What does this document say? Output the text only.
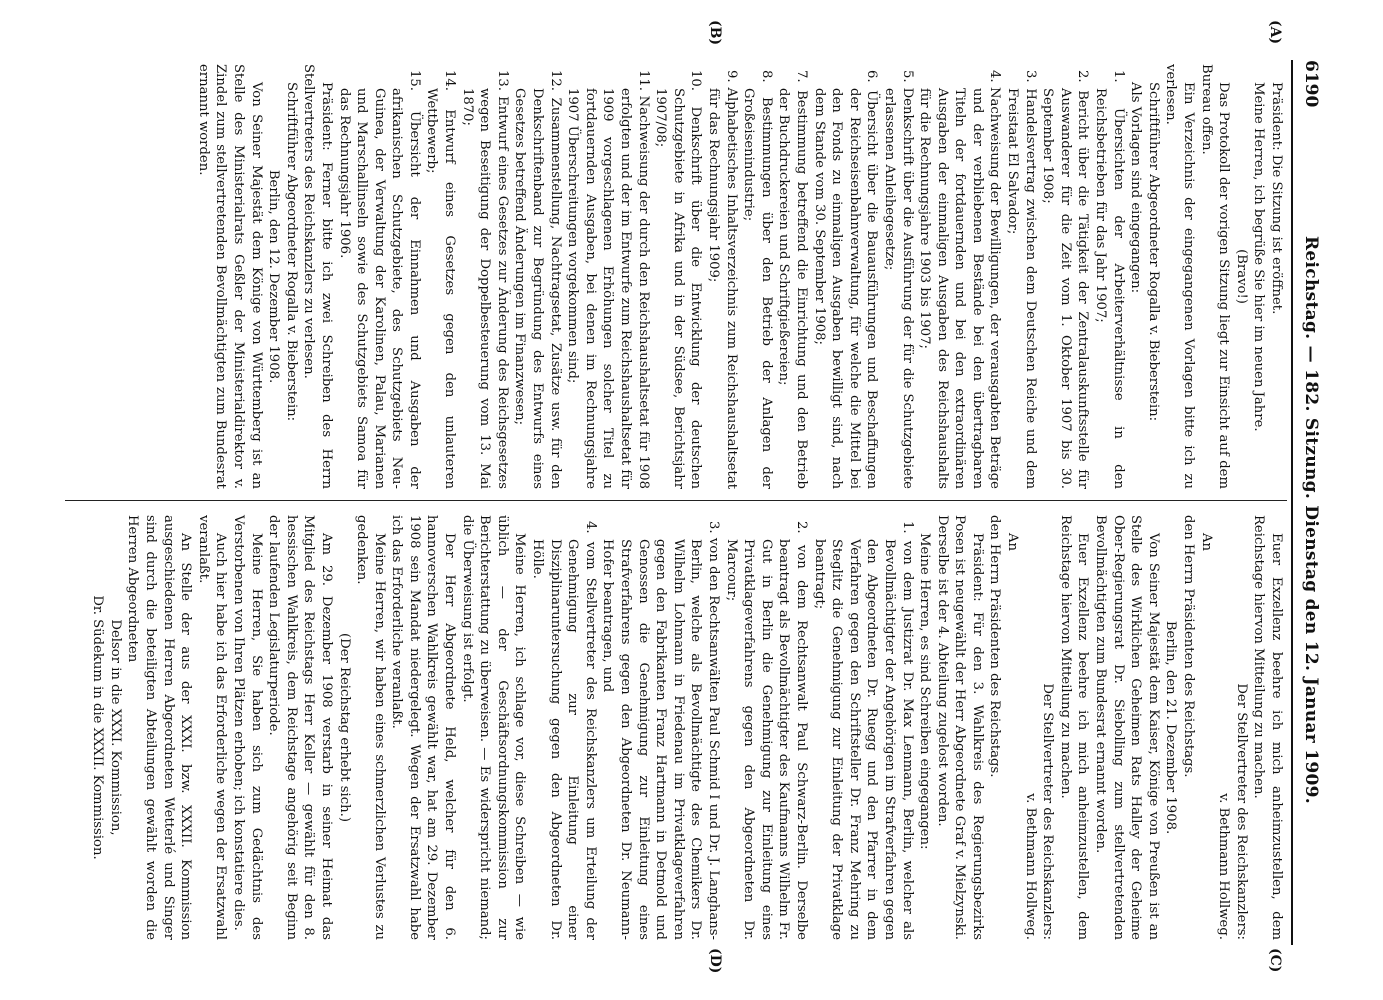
6190
Reichstag. — 182. Sitzung. Dienstag den 12. Januar 1909.
(A)
(B)
(C)
(D)

Präsident: Die Sitzung ist eröffnet.

Meine Herren, ich begrüße Sie hier im neuen Jahre.

(Bravo!)

Das Protokoll der vorigen Sitzung liegt zur Einsicht auf dem Bureau offen.

Ein Verzeichnis der eingegangenen Vorlagen bitte ich zu verlesen.

Schriftführer Abgeordneter Rogalla v. Bieberstein:

Als Vorlagen sind eingegangen:

1. Übersichten der Arbeiterverhältnisse in den Reichsbetrieben für das Jahr 1907;

2. Bericht über die Tätigkeit der Zentralauskunftsstelle für Auswanderer für die Zeit vom 1. Oktober 1907 bis 30. September 1908;

3. Handelsvertrag zwischen dem Deutschen Reiche und dem Freistaat El Salvador;

4. Nachweisung der Bewilligungen, der verausgabten Beträge und der verbliebenen Bestände bei den übertragbaren Titeln der fortdauernden und bei den extraordinären Ausgaben der einmaligen Ausgaben des Reichshaushalts für die Rechnungsjahre 1903 bis 1907;

5. Denkschrift über die Ausführung der für die Schutzgebiete erlassenen Anleihegesetze;

6. Übersicht über die Bauausführungen und Beschaffungen der Reichseisenbahnverwaltung, für welche die Mittel bei den Fonds zu einmaligen Ausgaben bewilligt sind, nach dem Stande vom 30. September 1908;

7. Bestimmung betreffend die Einrichtung und den Betrieb der Buchdruckereien und Schriftgießereien;

8. Bestimmungen über den Betrieb der Anlagen der Großeisenindustrie;

9. Alphabetisches Inhaltsverzeichnis zum Reichshaushaltsetat für das Rechnungsjahr 1909;

10. Denkschrift über die Entwicklung der deutschen Schutzgebiete in Afrika und in der Südsee, Berichtsjahr 1907/08;

11. Nachweisung der durch den Reichshaushaltsetat für 1908 erfolgten und der im Entwurfe zum Reichshaushaltsetat für 1909 vorgeschlagenen Erhöhungen solcher Titel zu fortdauernden Ausgaben, bei denen im Rechnungsjahre 1907 Überschreitungen vorgekommen sind;

12. Zusammenstellung, Nachtragsetat, Zusätze usw. für den Denkschriftenband zur Begründung des Entwurfs eines Gesetzes betreffend Änderungen im Finanzwesen;

13. Entwurf eines Gesetzes zur Änderung des Reichsgesetzes wegen Beseitigung der Doppelbesteuerung vom 13. Mai 1870;

14. Entwurf eines Gesetzes gegen den unlauteren Wettbewerb;

15. Übersicht der Einnahmen und Ausgaben der afrikanischen Schutzgebiete, des Schutzgebiets Neu-Guinea, der Verwaltung der Karolinen, Palau, Marianen und Marschallinseln sowie des Schutzgebiets Samoa für das Rechnungsjahr 1906.

Präsident: Ferner bitte ich zwei Schreiben des Herrn Stellvertreters des Reichskanzlers zu verlesen.

Schriftführer Abgeordneter Rogalla v. Bieberstein:

Berlin, den 12. Dezember 1908.

Von Seiner Majestät dem Könige von Württemberg ist an Stelle des Ministerialrats Geßler der Ministerialdirektor v. Zindel zum stellvertretenden Bevollmächtigten zum Bundesrat ernannt worden.

Euer Exzellenz beehre ich mich anheimzustellen, dem Reichstage hiervon Mitteilung zu machen.

Der Stellvertreter des Reichskanzlers:

v. Bethmann Hollweg.

An

den Herrn Präsidenten des Reichstags.

Berlin, den 21. Dezember 1908.

Von Seiner Majestät dem Kaiser, Könige von Preußen ist an Stelle des Wirklichen Geheimen Rats Halley der Geheime Ober-Regierungsrat Dr. Siebolling zum stellvertretenden Bevollmächtigten zum Bundesrat ernannt worden.

Euer Exzellenz beehre ich mich anheimzustellen, dem Reichstage hiervon Mitteilung zu machen.

Der Stellvertreter des Reichskanzlers:

v. Bethmann Hollweg.

An

den Herrn Präsidenten des Reichstags.

Präsident: Für den 3. Wahlkreis des Regierungsbezirks Posen ist neugewählt der Herr Abgeordnete Graf v. Mielzynski. Derselbe ist der 4. Abteilung zugelost worden.

Meine Herren, es sind Schreiben eingegangen:

1. von dem Justizrat Dr. Max Lenmann, Berlin, welcher als Bevollmächtigter der Angehörigen im Strafverfahren gegen den Abgeordneten Dr. Ruegg und den Pfarrer in dem Verfahren gegen den Schriftsteller Dr. Franz Mehring zu Steglitz die Genehmigung zur Einleitung der Privatklage beantragt;

2. von dem Rechtsanwalt Paul Schwarz-Berlin. Derselbe beantragt als Bevollmächtigter des Kaufmanns Wilhelm Fr. Gut in Berlin die Genehmigung zur Einleitung eines Privatklageverfahrens gegen den Abgeordneten Dr. Marcour;

3. von den Rechtsanwälten Paul Schmid I und Dr. J. Langhans-Berlin, welche als Bevollmächtigte des Chemikers Dr. Wilhelm Lohmann in Friedenau im Privatklageverfahren gegen den Fabrikanten Franz Hartmann in Detmold und Genossen die Genehmigung zur Einleitung eines Strafverfahrens gegen den Abgeordneten Dr. Neumann-Hofer beantragen, und

4. vom Stellvertreter des Reichskanzlers um Erteilung der Genehmigung zur Einleitung einer Disziplinaruntersuchung gegen den Abgeordneten Dr. Hölle.

Meine Herren, ich schlage vor, diese Schreiben — wie üblich — der Geschäftsordnungskommission zur Berichterstattung zu überweisen. — Es widerspricht niemand; die Überweisung ist erfolgt.

Der Herr Abgeordnete Held, welcher für den 6. hannoverschen Wahlkreis gewählt war, hat am 29. Dezember 1908 sein Mandat niedergelegt. Wegen der Ersatzwahl habe ich das Erforderliche veranlaßt.

Meine Herren, wir haben eines schmerzlichen Verlustes zu gedenken.

(Der Reichstag erhebt sich.)

Am 29. Dezember 1908 verstarb in seiner Heimat das Mitglied des Reichstags Herr Keller — gewählt für den 8. hessischen Wahlkreis, dem Reichstage angehörig seit Beginn der laufenden Legislaturperiode.

Meine Herren, Sie haben sich zum Gedächtnis des Verstorbenen von Ihren Plätzen erhoben; ich konstatiere dies.

Auch hier habe ich das Erforderliche wegen der Ersatzwahl veranlaßt.

An Stelle der aus der XXXI. bzw. XXXII. Kommission ausgeschiedenen Herren Abgeordneten Wetterlé und Singer sind durch die beteiligten Abteilungen gewählt worden die Herren Abgeordneten

Delsor in die XXXI. Kommission,

Dr. Südekum in die XXXII. Kommission.
